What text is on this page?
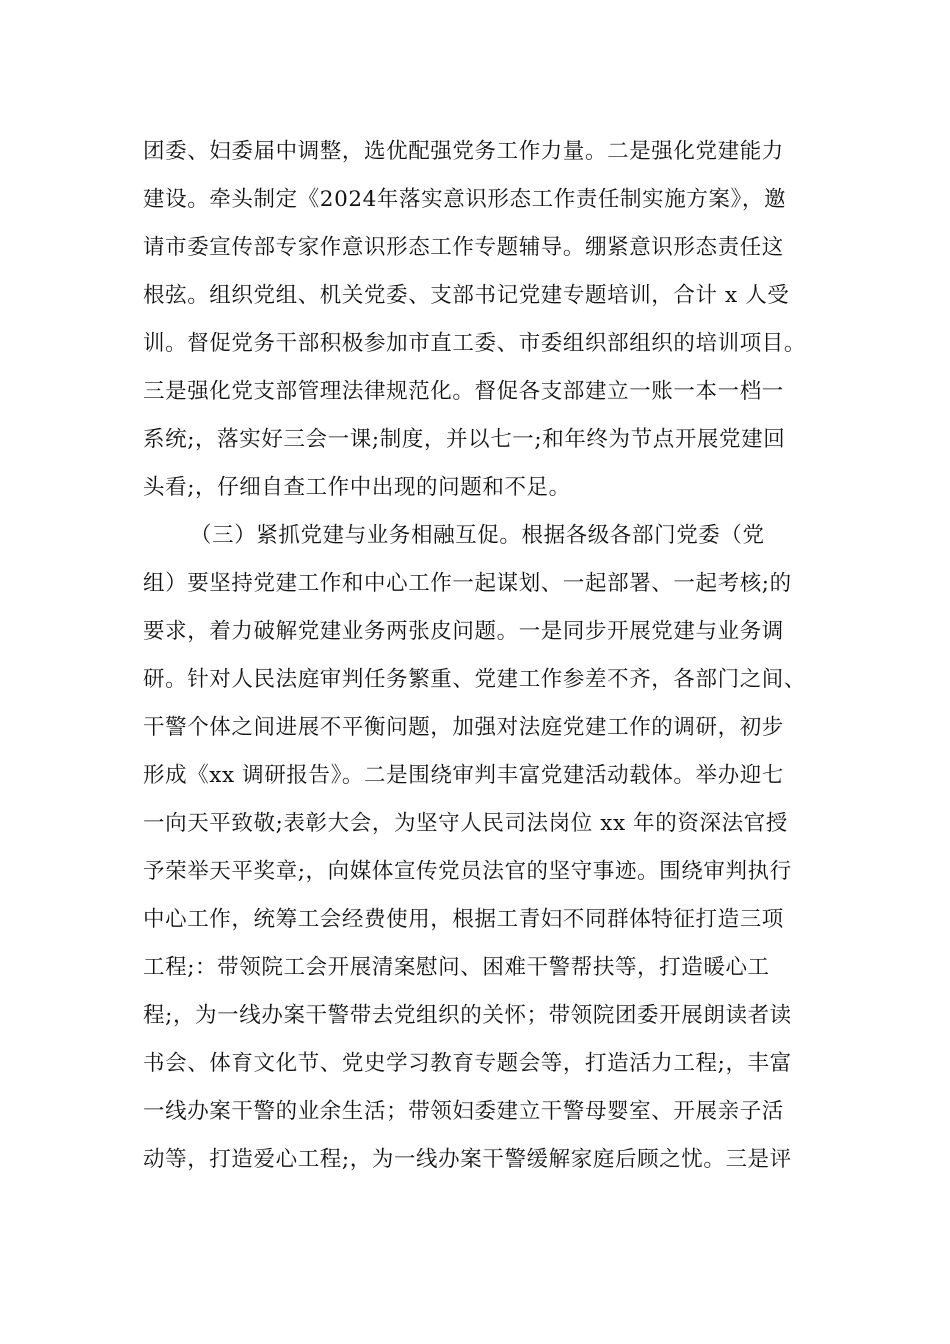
团委、妇委届中调整，选优配强党务工作力量。二是强化党建能力
建设。牵头制定《2024年落实意识形态工作责任制实施方案》，邀
请市委宣传部专家作意识形态工作专题辅导。绷紧意识形态责任这
根弦。组织党组、机关党委、支部书记党建专题培训，合计 x 人受
训。督促党务干部积极参加市直工委、市委组织部组织的培训项目。
三是强化党支部管理法律规范化。督促各支部建立一账一本一档一
系统;，落实好三会一课;制度，并以七一;和年终为节点开展党建回
头看;，仔细自查工作中出现的问题和不足。
（三）紧抓党建与业务相融互促。根据各级各部门党委（党
组）要坚持党建工作和中心工作一起谋划、一起部署、一起考核;的
要求，着力破解党建业务两张皮问题。一是同步开展党建与业务调
研。针对人民法庭审判任务繁重、党建工作参差不齐，各部门之间、
干警个体之间进展不平衡问题，加强对法庭党建工作的调研，初步
形成《xx 调研报告》。二是围绕审判丰富党建活动载体。举办迎七
一向天平致敬;表彰大会，为坚守人民司法岗位 xx 年的资深法官授
予荣举天平奖章;，向媒体宣传党员法官的坚守事迹。围绕审判执行
中心工作，统筹工会经费使用，根据工青妇不同群体特征打造三项
工程;：带领院工会开展清案慰问、困难干警帮扶等，打造暖心工
程;，为一线办案干警带去党组织的关怀；带领院团委开展朗读者读
书会、体育文化节、党史学习教育专题会等，打造活力工程;，丰富
一线办案干警的业余生活；带领妇委建立干警母婴室、开展亲子活
动等，打造爱心工程;，为一线办案干警缓解家庭后顾之忧。三是评
